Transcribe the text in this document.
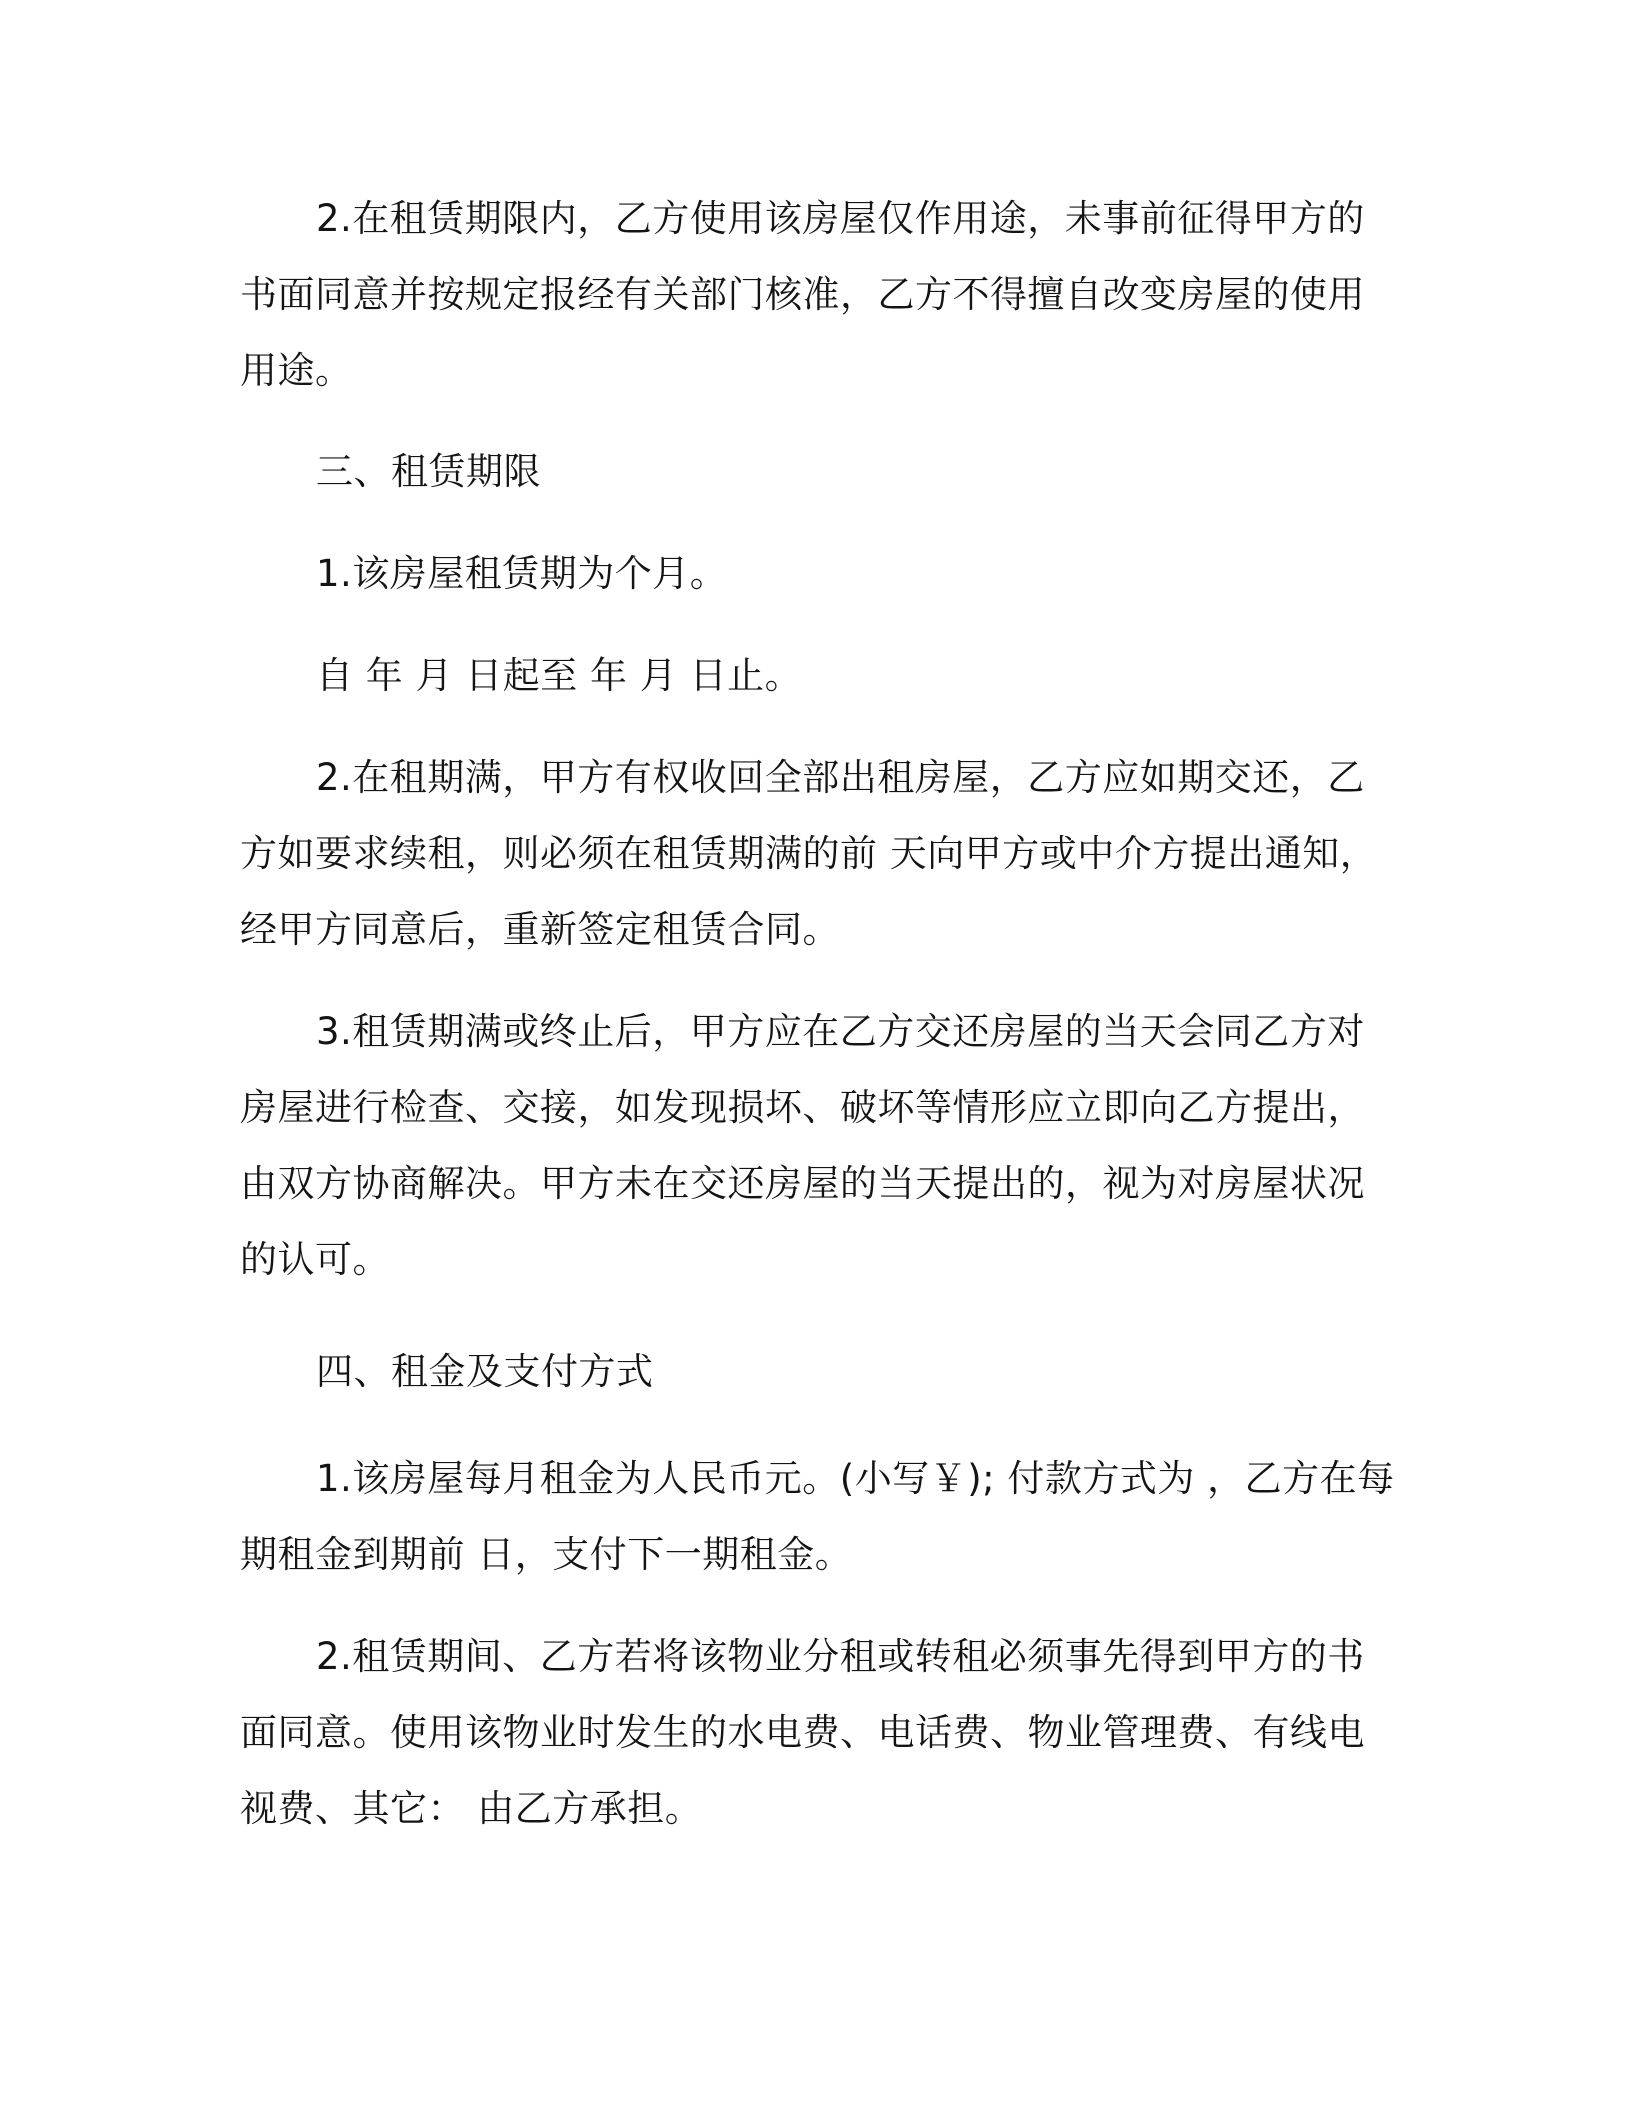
2.在租赁期限内，乙方使用该房屋仅作用途，未事前征得甲方的
书面同意并按规定报经有关部门核准，乙方不得擅自改变房屋的使用
用途。
三、租赁期限
1.该房屋租赁期为个月。
自 年 月 日起至 年 月 日止。
2.在租期满，甲方有权收回全部出租房屋，乙方应如期交还，乙
方如要求续租，则必须在租赁期满的前 天向甲方或中介方提出通知，
经甲方同意后，重新签定租赁合同。
3.租赁期满或终止后，甲方应在乙方交还房屋的当天会同乙方对
房屋进行检查、交接，如发现损坏、破坏等情形应立即向乙方提出，
由双方协商解决。甲方未在交还房屋的当天提出的，视为对房屋状况
的认可。
四、租金及支付方式
1.该房屋每月租金为人民币元。(小写￥); 付款方式为 ，乙方在每
期租金到期前 日，支付下一期租金。
2.租赁期间、乙方若将该物业分租或转租必须事先得到甲方的书
面同意。使用该物业时发生的水电费、电话费、物业管理费、有线电
视费、其它： 由乙方承担。
